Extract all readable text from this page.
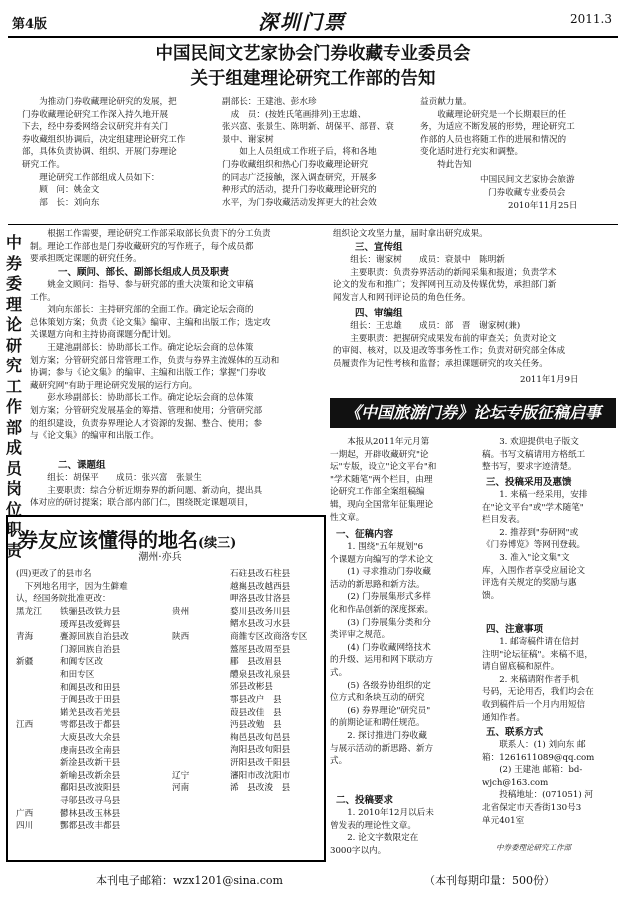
第4版	深圳门票	2011.3
中国民间文艺家协会门券收藏专业委员会
关于组建理论研究工作部的告知
　　为推动门券收藏理论研究的发展，把
门券收藏理论研究工作深入持久地开展
下去，经中券委网络会议研究并有关门
券收藏组织协调后，决定组建理论研究工作
部，具体负责协调、组织、开展门券理论
研究工作。
　　理论研究工作部组成人员如下：
　　顾　问：姚金文
　　部　长：刘向东
副部长：王建池、彭水珍
　成　员：(按姓氏笔画排列)王忠雄、
张兴富、张景生、陈明新、胡保平、部晋、衰
景中、谢家树
　　如上人员组成工作班子后，将和各地
门券收藏组织和热心门券收藏理论研究
的同志广泛接触，深入调查研究，开展多
种形式的活动，提升门券收藏理论研究的
水平，为门券收藏活动发挥更大的社会效
益贡献力量。
　　收藏理论研究是一个长期艰巨的任
务，为适应不断发展的形势，理论研究工
作部的人员也将随工作的进展和情况的
变化适时进行充实和调整。
　　特此告知
中国民间文艺家协会旅游
门券收藏专业委员会
2010年11月25日
中券委理论研究工作部成员岗位职责
　　根据工作需要，理论研究工作部采取部长负责下的分工负责
制。理论工作部也是门券收藏研究的写作班子，每个成员都
要承担既定课题的研究任务。
一、顾问、部长、副部长组成人员及职责
　　姚金文顾问：指导、参与研究部的重大决策和论文审稿
工作。
　　刘向东部长：主持研究部的全面工作。确定论坛会商的
总体策划方案；负责《论文集》编审、主编和出版工作；选定攻
关课题方向和主持协商课题分配计划。
　　王建池副部长：协助部长工作。确定论坛会商的总体策
划方案；分管研究部日常管理工作，负责与券界主流媒体的互动和
协调；参与《论文集》的编审、主编和出版工作；掌握"门券收
藏研究网"有助于理论研究发展的运行方向。
　　彭水珍副部长：协助部长工作。确定论坛会商的总体策
划方案；分管研究发展基金的筹措、管理和使用；分管研究部
的组织建设，负责券界理论人才资源的发掘、整合、使用；参
与《论文集》的编审和出版工作。
二、课题组
　　组长：胡保平　　成员：张兴富　张景生
　　主要职责：综合分析近期券界的新问题、新动向，提出具
体对应的研讨提案；联合部内部门仁，围绕既定课题项目，
组织论文攻坚力量，届时拿出研究成果。
三、宣传组
　　组长：谢家树　　成员：衰景中　陈明新
　　主要职责：负责券界活动的新闻采集和报道；负责学术
论文的发布和推广；发挥网刊互动及传媒优势，承担部门新
闻发言人和网刊评论员的角色任务。
四、审编组
　　组长：王忠雄　　成员：部　晋　谢家树(兼)
　　主要职责：把握研究成果发布前的审查关；负责对论文
的审阅、核对，以及退改等事务性工作；负责对研究部全体成
员履责作为记性考核和监督；承担课题研究的攻关任务。
2011年1月9日
《中国旅游门券》论坛专版征稿启事
　　本报从2011年元月第
一期起，开辟收藏研究"论
坛"专版，设立"论文平台"和
"学术随笔"两个栏目，由理
论研究工作部全案组稿编
辑，现向全国常年征集理论
性文章。
一、征稿内容
　　1. 围绕"五年规划"6
个课题方向编写的学术论文
　　(1) 寻求推动门券收藏
活动的新思路和新方法。
　　(2) 门券展集形式多样
化和作品创新的深度探索。
　　(3) 门券展集分类和分
类评审之规范。
　　(4) 门券收藏网络技术
的升级、运用和网下联动方
式。
　　(5) 各级券协组织的定
位方式和条块互动的研究
　　(6) 券界理论"研究员"
的前期论证和聘任规范。
　　2. 探讨推进门券收藏
与展示活动的新思路、新方
式。
二、投稿要求
　　1. 2010年12月以后未
曾发表的理论性文章。
　　2. 论文字数限定在
3000字以内。
　　3. 欢迎提供电子版文
稿。书写文稿请用方格纸工
整书写，要求字迹清楚。
三、投稿采用及惠馈
　　1. 来稿一经采用，安排
在"论文平台"或"学术随笔"
栏目发表。
　　2. 推荐到"券研网"或
《门券博览》等网刊登载。
　　3. 准入"论文集"文
库，入围作者享受应届论文
评选有关规定的奖励与惠
馈。
四、注意事项
　　1. 邮寄稿件请在信封
注明"论坛征稿"。来稿不退，
请自留底稿和原件。
　　2. 来稿请附作者手机
号码，无论用否，我们均会在
收到稿件后一个月内用短信
通知作者。
五、联系方式
　　联系人：(1) 刘向东 邮
箱：1261611089@qq.com
　　(2) 王建池 邮箱：bd-
wjch@163.com
　　投稿地址：(071051) 河
北省保定市天香街130号3
单元401室
中券委理论研究工作部
券友应该懂得的地名(续三)
潮州·亦兵
(四)更改了的县市名
　下列地名用字，因为生僻难
认，经国务院批准更改：
黑龙江	铁骊县改铁力县
	瑷珲县改爱辉县
青海	亹源回族自治县改
	门源回族自治县
新疆	和阗专区改
	和田专区
	和阗县改和田县
	于阗县改于田县
	婼羌县改若羌县
江西	雩都县改于都县
	大庾县改大余县
	虔南县改全南县
	新淦县改新干县
	新喻县改新余县
	鄱阳县改波阳县
	寻邬县改寻乌县
广西	鬰林县改玉林县
四川	酆都县改丰都县
	石砫县改石柱县
	越嶲县改越西县
	呷洛县改甘洛县
贵州	婺川县改务川县
	鳛水县改习水县
陕西	商雒专区改商洛专区
	盩厔县改周至县
	郿　县改眉县
	醴泉县改礼泉县
	邠县改彬县
	鄠县改户　县
	葭县改佳　县
	沔县改勉　县
	栒邑县改旬邑县
	洵阳县改旬阳县
	汧阳县改千阳县
辽宁	瀋阳市改沈阳市
河南	浠　县改浚　县
本刊电子邮箱：wzx1201@sina.com	（本刊每期印量：500份）
